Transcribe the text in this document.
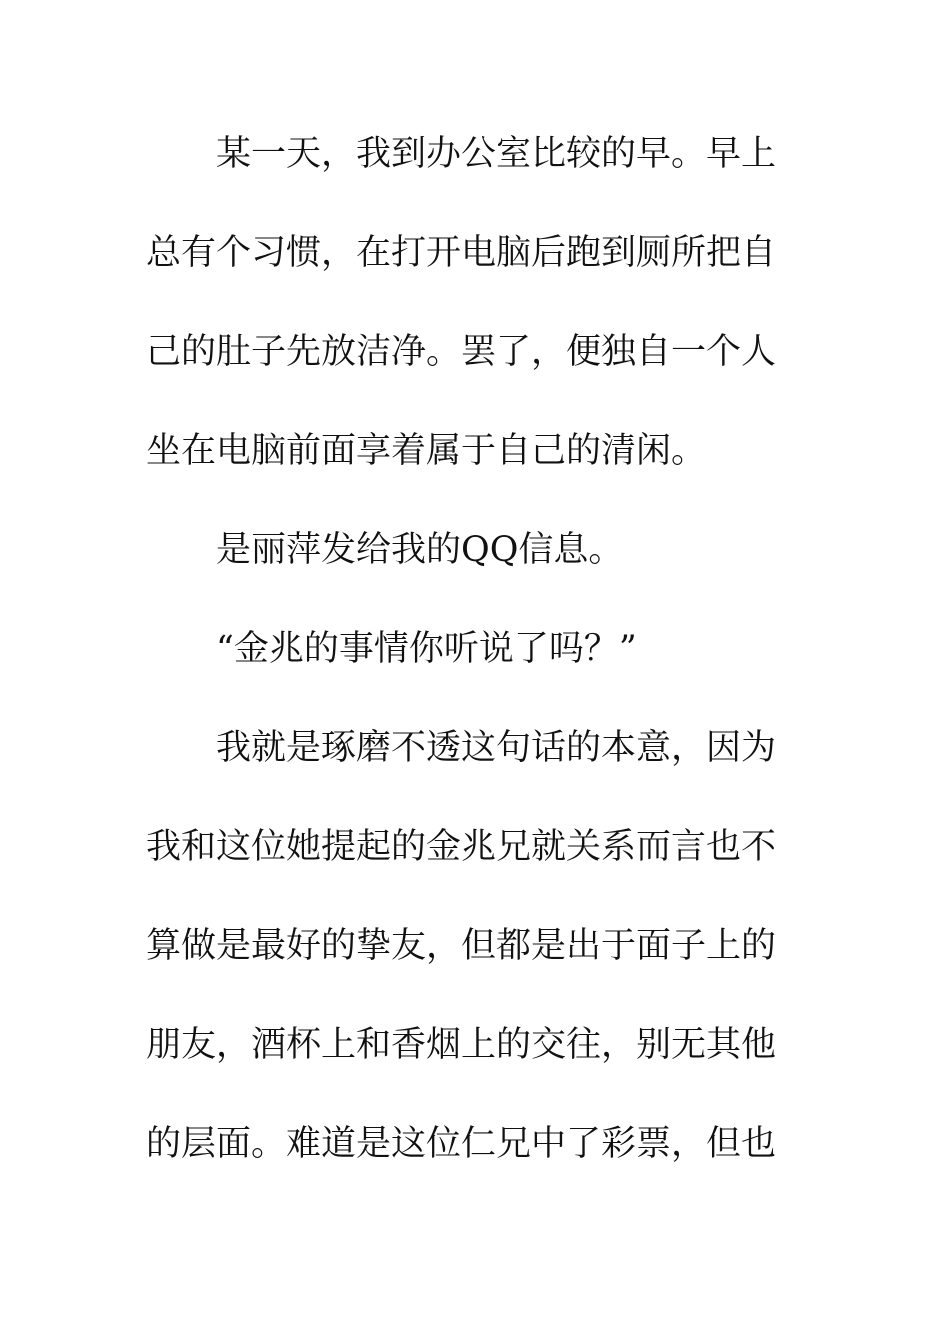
某一天，我到办公室比较的早。早上
总有个习惯，在打开电脑后跑到厕所把自
己的肚子先放洁净。罢了，便独自一个人
坐在电脑前面享着属于自己的清闲。
是丽萍发给我的QQ信息。
“金兆的事情你听说了吗？”
我就是琢磨不透这句话的本意，因为
我和这位她提起的金兆兄就关系而言也不
算做是最好的挚友，但都是出于面子上的
朋友，酒杯上和香烟上的交往，别无其他
的层面。难道是这位仁兄中了彩票，但也
